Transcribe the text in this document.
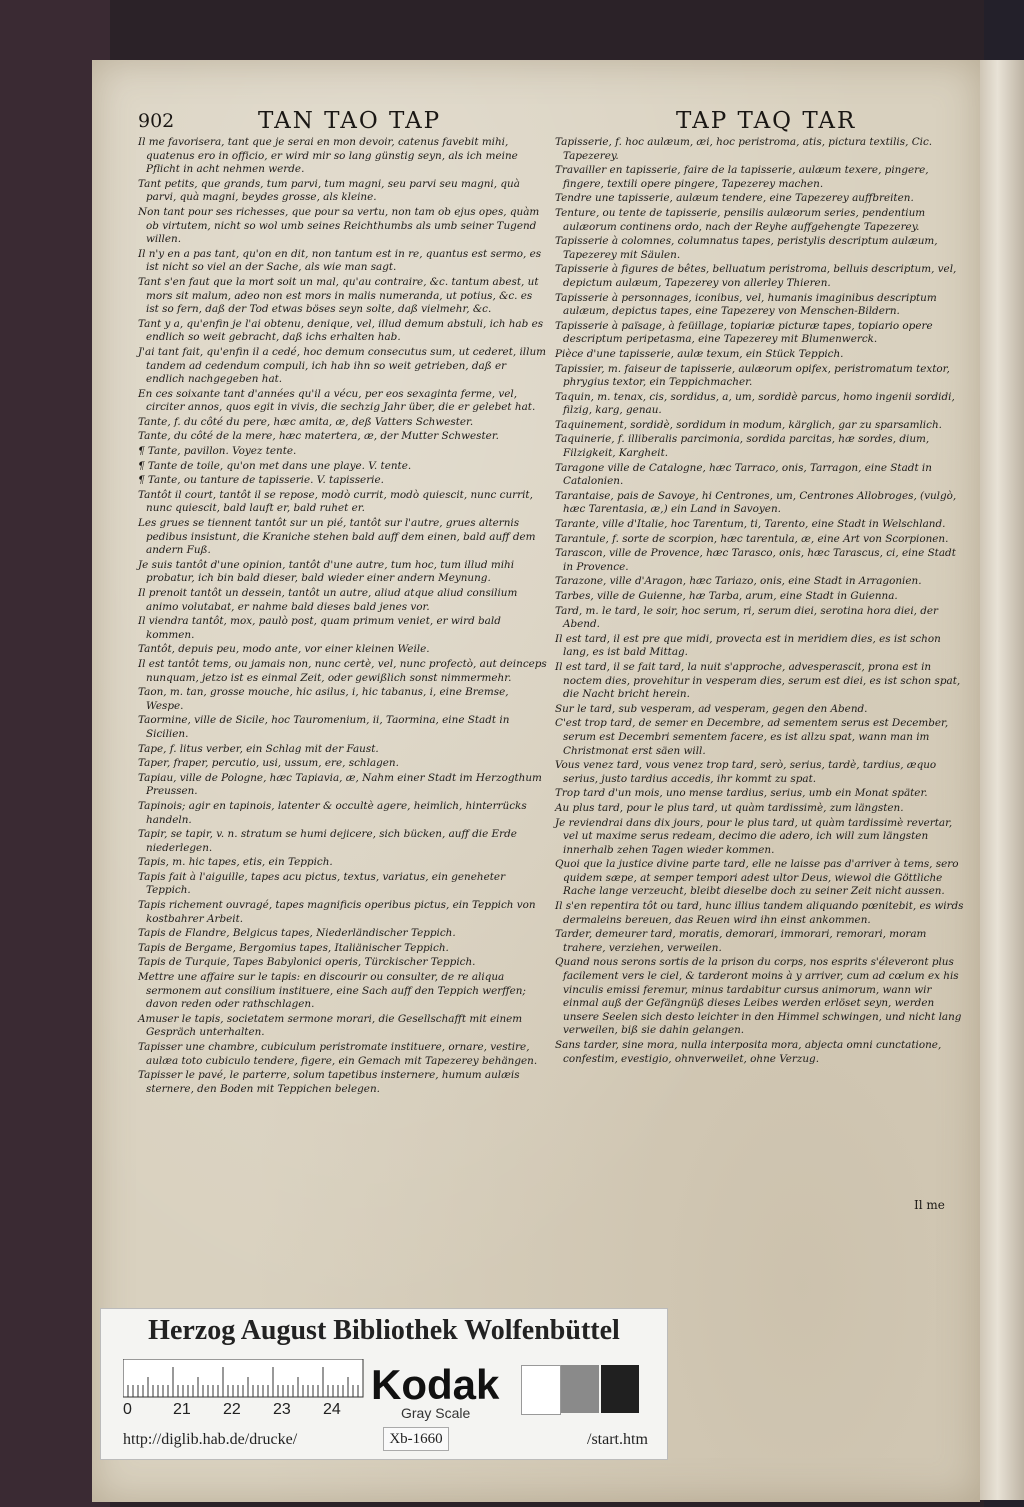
902	TAN TAO TAP	TAP TAQ TAR
Il me favorisera, tant que je serai en mon devoir, catenus favebit mihi, quatenus ero in officio, er wird mir so lang günstig seyn, als ich meine Pflicht in acht nehmen werde.
Tant petits, que grands, tum parvi, tum magni, seu parvi seu magni, quà parvi, quà magni, beydes grosse, als kleine.
Non tant pour ses richesses, que pour sa vertu, non tam ob ejus opes, quàm ob virtutem, nicht so wol umb seines Reichthumbs als umb seiner Tugend willen.
Il n'y en a pas tant, qu'on en dit, non tantum est in re, quantus est sermo, es ist nicht so viel an der Sache, als wie man sagt.
Tant s'en faut que la mort soit un mal, qu'au contraire, &c. tantum abest, ut mors sit malum, adeo non est mors in malis numeranda, ut potius, &c. es ist so fern, daß der Tod etwas böses seyn solte, daß vielmehr, &c.
Tant y a, qu'enfin je l'ai obtenu, denique, vel, illud demum abstuli, ich hab es endlich so weit gebracht, daß ichs erhalten hab.
J'ai tant fait, qu'enfin il a cedé, hoc demum consecutus sum, ut cederet, illum tandem ad cedendum compuli, ich hab ihn so weit getrieben, daß er endlich nachgegeben hat.
En ces soixante tant d'années qu'il a vécu, per eos sexaginta ferme, vel, circiter annos, quos egit in vivis, die sechzig Jahr über, die er gelebet hat.
Tante, f. du côté du pere, hæc amita, æ, deß Vatters Schwester.
Tante, du côté de la mere, hæc matertera, æ, der Mutter Schwester.
¶ Tante, pavillon. Voyez tente.
¶ Tante de toile, qu'on met dans une playe. V. tente.
¶ Tante, ou tanture de tapisserie. V. tapisserie.
Tantôt il court, tantôt il se repose, modò currit, modò quiescit, nunc currit, nunc quiescit, bald lauft er, bald ruhet er.
Les grues se tiennent tantôt sur un pié, tantôt sur l'autre, grues alternis pedibus insistunt, die Kraniche stehen bald auff dem einen, bald auff dem andern Fuß.
Je suis tantôt d'une opinion, tantôt d'une autre, tum hoc, tum illud mihi probatur, ich bin bald dieser, bald wieder einer andern Meynung.
Il prenoit tantôt un dessein, tantôt un autre, aliud atque aliud consilium animo volutabat, er nahme bald dieses bald jenes vor.
Il viendra tantôt, mox, paulò post, quam primum veniet, er wird bald kommen.
Tantôt, depuis peu, modo ante, vor einer kleinen Weile.
Il est tantôt tems, ou jamais non, nunc certè, vel, nunc profectò, aut deinceps nunquam, jetzo ist es einmal Zeit, oder gewißlich sonst nimmermehr.
Taon, m. tan, grosse mouche, hic asilus, i, hic tabanus, i, eine Bremse, Wespe.
Taormine, ville de Sicile, hoc Tauromenium, ii, Taormina, eine Stadt in Sicilien.
Tape, f. litus verber, ein Schlag mit der Faust.
Taper, fraper, percutio, usi, ussum, ere, schlagen.
Tapiau, ville de Pologne, hæc Tapiavia, æ, Nahm einer Stadt im Herzogthum Preussen.
Tapinois; agir en tapinois, latenter & occultè agere, heimlich, hinterrücks handeln.
Tapir, se tapir, v. n. stratum se humi dejicere, sich bücken, auff die Erde niederlegen.
Tapis, m. hic tapes, etis, ein Teppich.
Tapis fait à l'aiguille, tapes acu pictus, textus, variatus, ein geneheter Teppich.
Tapis richement ouvragé, tapes magnificis operibus pictus, ein Teppich von kostbahrer Arbeit.
Tapis de Flandre, Belgicus tapes, Niederländischer Teppich.
Tapis de Bergame, Bergomius tapes, Italiänischer Teppich.
Tapis de Turquie, Tapes Babylonici operis, Türckischer Teppich.
Mettre une affaire sur le tapis: en discourir ou consulter, de re aliqua sermonem aut consilium instituere, eine Sach auff den Teppich werffen; davon reden oder rathschlagen.
Amuser le tapis, societatem sermone morari, die Gesellschafft mit einem Gespräch unterhalten.
Tapisser une chambre, cubiculum peristromate instituere, ornare, vestire, aulæa toto cubiculo tendere, figere, ein Gemach mit Tapezerey behängen.
Tapisser le pavé, le parterre, solum tapetibus insternere, humum aulæis sternere, den Boden mit Teppichen belegen.
Tapisserie, f. hoc aulæum, æi, hoc peristroma, atis, pictura textilis, Cic. Tapezerey.
Travailler en tapisserie, faire de la tapisserie, aulæum texere, pingere, fingere, textili opere pingere, Tapezerey machen.
Tendre une tapisserie, aulæum tendere, eine Tapezerey auffbreiten.
Tenture, ou tente de tapisserie, pensilis aulæorum series, pendentium aulæorum continens ordo, nach der Reyhe auffgehengte Tapezerey.
Tapisserie à colomnes, columnatus tapes, peristylis descriptum aulæum, Tapezerey mit Säulen.
Tapisserie à figures de bêtes, belluatum peristroma, belluis descriptum, vel, depictum aulæum, Tapezerey von allerley Thieren.
Tapisserie à personnages, iconibus, vel, humanis imaginibus descriptum aulæum, depictus tapes, eine Tapezerey von Menschen-Bildern.
Tapisserie à païsage, à feüillage, topiariæ picturæ tapes, topiario opere descriptum peripetasma, eine Tapezerey mit Blumenwerck.
Pièce d'une tapisserie, aulæ texum, ein Stück Teppich.
Tapissier, m. faiseur de tapisserie, aulæorum opifex, peristromatum textor, phrygius textor, ein Teppichmacher.
Taquin, m. tenax, cis, sordidus, a, um, sordidè parcus, homo ingenii sordidi, filzig, karg, genau.
Taquinement, sordidè, sordidum in modum, kärglich, gar zu sparsamlich.
Taquinerie, f. illiberalis parcimonia, sordida parcitas, hæ sordes, dium, Filzigkeit, Kargheit.
Taragone ville de Catalogne, hæc Tarraco, onis, Tarragon, eine Stadt in Catalonien.
Tarantaise, pais de Savoye, hi Centrones, um, Centrones Allobroges, (vulgò, hæc Tarentasia, æ,) ein Land in Savoyen.
Tarante, ville d'Italie, hoc Tarentum, ti, Tarento, eine Stadt in Welschland.
Tarantule, f. sorte de scorpion, hæc tarentula, æ, eine Art von Scorpionen.
Tarascon, ville de Provence, hæc Tarasco, onis, hæc Tarascus, ci, eine Stadt in Provence.
Tarazone, ville d'Aragon, hæc Tariazo, onis, eine Stadt in Arragonien.
Tarbes, ville de Guienne, hæ Tarba, arum, eine Stadt in Guienna.
Tard, m. le tard, le soir, hoc serum, ri, serum diei, serotina hora diei, der Abend.
Il est tard, il est pre que midi, provecta est in meridiem dies, es ist schon lang, es ist bald Mittag.
Il est tard, il se fait tard, la nuit s'approche, advesperascit, prona est in noctem dies, provehitur in vesperam dies, serum est diei, es ist schon spat, die Nacht bricht herein.
Sur le tard, sub vesperam, ad vesperam, gegen den Abend.
C'est trop tard, de semer en Decembre, ad sementem serus est December, serum est Decembri sementem facere, es ist allzu spat, wann man im Christmonat erst säen will.
Vous venez tard, vous venez trop tard, serò, serius, tardè, tardius, æquo serius, justo tardius accedis, ihr kommt zu spat.
Trop tard d'un mois, uno mense tardius, serius, umb ein Monat später.
Au plus tard, pour le plus tard, ut quàm tardissimè, zum längsten.
Je reviendrai dans dix jours, pour le plus tard, ut quàm tardissimè revertar, vel ut maxime serus redeam, decimo die adero, ich will zum längsten innerhalb zehen Tagen wieder kommen.
Quoi que la justice divine parte tard, elle ne laisse pas d'arriver à tems, sero quidem sæpe, at semper tempori adest ultor Deus, wiewol die Göttliche Rache lange verzeucht, bleibt dieselbe doch zu seiner Zeit nicht aussen.
Il s'en repentira tôt ou tard, hunc illius tandem aliquando pœnitebit, es wirds dermaleins bereuen, das Reuen wird ihn einst ankommen.
Tarder, demeurer tard, moratis, demorari, immorari, remorari, moram trahere, verziehen, verweilen.
Quand nous serons sortis de la prison du corps, nos esprits s'éleveront plus facilement vers le ciel, & tarderont moins à y arriver, cum ad cœlum ex his vinculis emissi feremur, minus tardabitur cursus animorum, wann wir einmal auß der Gefängnüß dieses Leibes werden erlöset seyn, werden unsere Seelen sich desto leichter in den Himmel schwingen, und nicht lang verweilen, biß sie dahin gelangen.
Sans tarder, sine mora, nulla interposita mora, abjecta omni cunctatione, confestim, evestigio, ohnverweilet, ohne Verzug.
Il me
Herzog August Bibliothek Wolfenbüttel
0	21 22 23 24
Kodak
Gray Scale
http://diglib.hab.de/drucke/	Xb-1660	/start.htm
